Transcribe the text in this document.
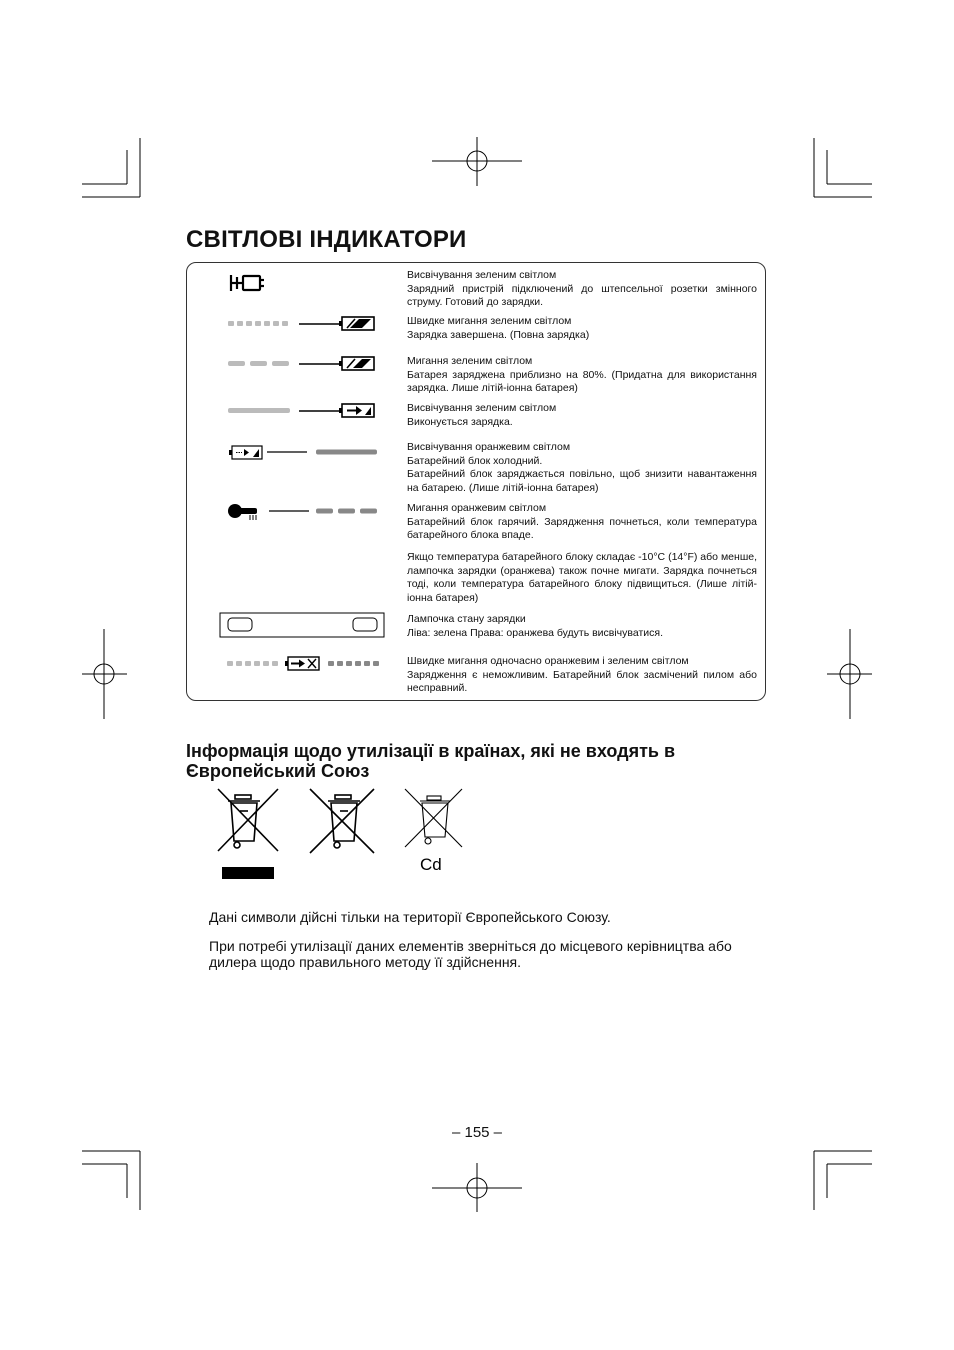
СВІТЛОВІ ІНДИКАТОРИ
Висвічування зеленим світлом
Зарядний пристрій підключений до штепсельної розетки змінного струму. Готовий до зарядки.
Швидке мигання зеленим світлом
Зарядка завершена. (Повна зарядка)
Мигання зеленим світлом
Батарея заряджена приблизно на 80%. (Придатна для використання зарядка. Лише літій-іонна батарея)
Висвічування зеленим світлом
Виконується зарядка.
Висвічування оранжевим світлом
Батарейний блок холодний.
Батарейний блок заряджається повільно, щоб знизити навантаження на батарею. (Лише літій-іонна батарея)
Мигання оранжевим світлом
Батарейний блок гарячий. Зарядження почнеться, коли температура батарейного блока впаде.
Якщо температура батарейного блоку складає -10°C (14°F) або менше, лампочка зарядки (оранжева) також почне мигати. Зарядка почнеться тоді, коли температура батарейного блоку підвищиться. (Лише літій-іонна батарея)
Лампочка стану зарядки
Ліва: зелена Права: оранжева будуть висвічуватися.
Швидке мигання одночасно оранжевим і зеленим світлом
Зарядження є неможливим. Батарейний блок засмічений пилом або несправний.
Інформація щодо утилізації в країнах, які не входять в Європейський Союз
Cd

Дані символи дійсні тільки на території Європейського Союзу.

При потребі утилізації даних елементів зверніться до місцевого керівництва або дилера щодо правильного методу її здійснення.

– 155 –
